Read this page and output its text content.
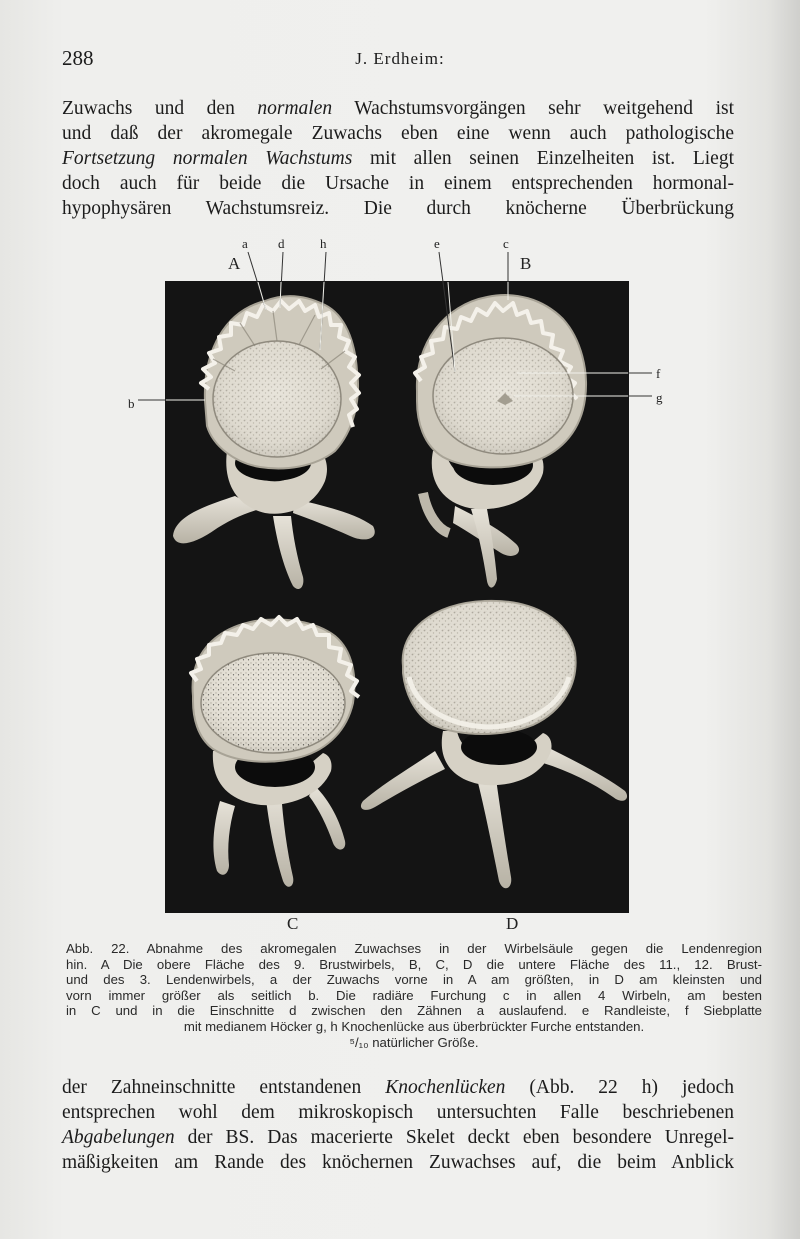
288	J. Erdheim:
Zuwachs und den normalen Wachstumsvorgängen sehr weitgehend ist
und daß der akromegale Zuwachs eben eine wenn auch pathologische
Fortsetzung normalen Wachstums mit allen seinen Einzelheiten ist. Liegt
doch auch für beide die Ursache in einem entsprechenden hormonal-
hypophysären Wachstumsreiz. Die durch knöcherne Überbrückung
a d	h	e	c
A	B
b
f
g
C	D
Abb. 22. Abnahme des akromegalen Zuwachses in der Wirbelsäule gegen die Lendenregion
hin. A Die obere Fläche des 9. Brustwirbels, B, C, D die untere Fläche des 11., 12. Brust-
und des 3. Lendenwirbels, a der Zuwachs vorne in A am größten, in D am kleinsten und
vorn immer größer als seitlich b. Die radiäre Furchung c in allen 4 Wirbeln, am besten
in C und in die Einschnitte d zwischen den Zähnen a auslaufend. e Randleiste, f Siebplatte
mit medianem Höcker g, h Knochenlücke aus überbrückter Furche entstanden.
⁵/₁₀ natürlicher Größe.
der Zahneinschnitte entstandenen Knochenlücken (Abb. 22 h) jedoch
entsprechen wohl dem mikroskopisch untersuchten Falle beschriebenen
Abgabelungen der BS. Das macerierte Skelet deckt eben besondere Unregel-
mäßigkeiten am Rande des knöchernen Zuwachses auf, die beim Anblick
